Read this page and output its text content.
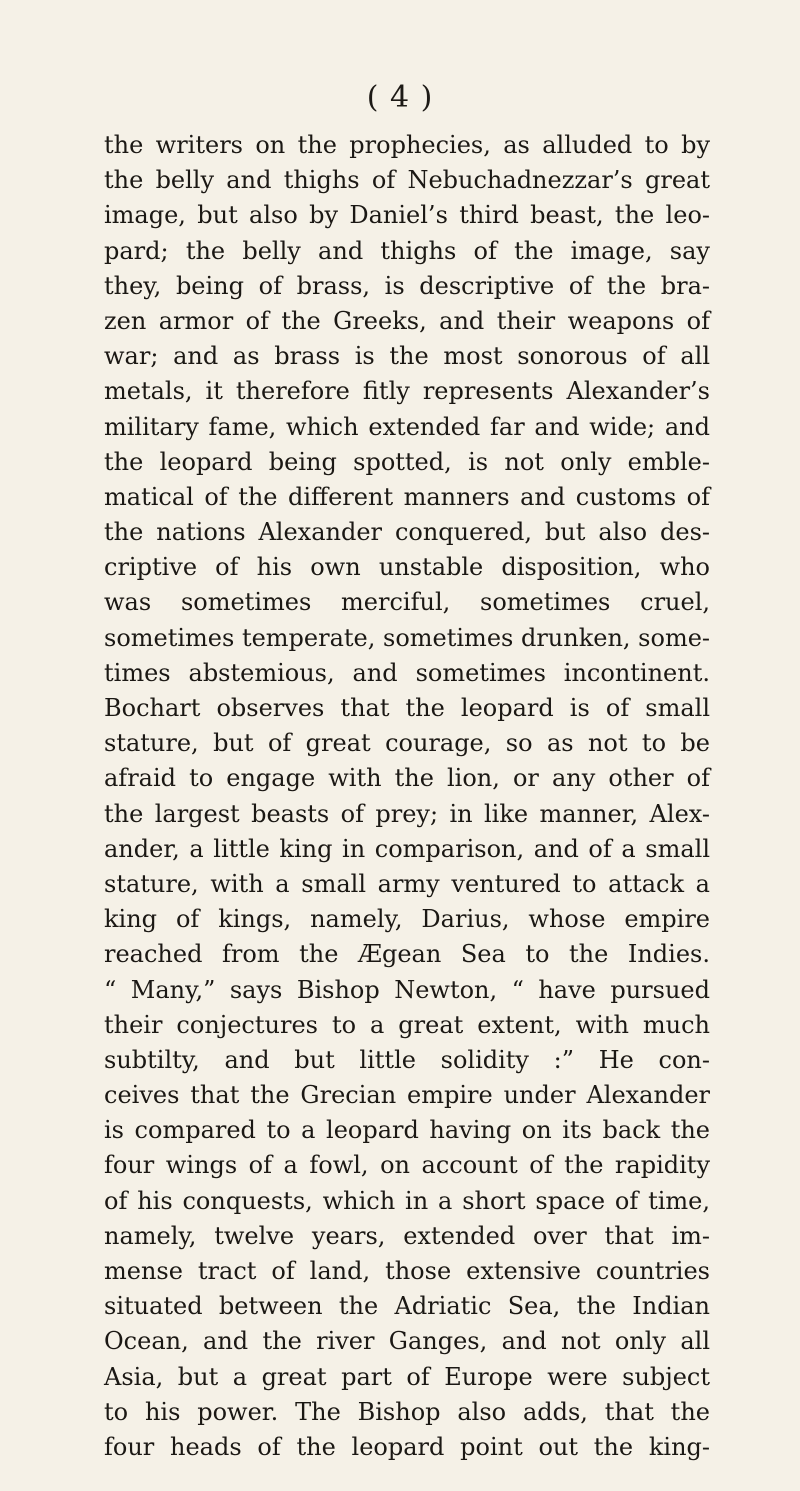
( 4 )
the writers on the prophecies, as alluded to by
the belly and thighs of Nebuchadnezzar’s great
image, but also by Daniel’s third beast, the leo-
pard; the belly and thighs of the image, say
they, being of brass, is descriptive of the bra-
zen armor of the Greeks, and their weapons of
war; and as brass is the most sonorous of all
metals, it therefore fitly represents Alexander’s
military fame, which extended far and wide; and
the leopard being spotted, is not only emble-
matical of the different manners and customs of
the nations Alexander conquered, but also des-
criptive of his own unstable disposition, who
was sometimes merciful, sometimes cruel,
sometimes temperate, sometimes drunken, some-
times abstemious, and sometimes incontinent.
Bochart observes that the leopard is of small
stature, but of great courage, so as not to be
afraid to engage with the lion, or any other of
the largest beasts of prey; in like manner, Alex-
ander, a little king in comparison, and of a small
stature, with a small army ventured to attack a
king of kings, namely, Darius, whose empire
reached from the Ægean Sea to the Indies.
“ Many,” says Bishop Newton, “ have pursued
their conjectures to a great extent, with much
subtilty, and but little solidity :” He con-
ceives that the Grecian empire under Alexander
is compared to a leopard having on its back the
four wings of a fowl, on account of the rapidity
of his conquests, which in a short space of time,
namely, twelve years, extended over that im-
mense tract of land, those extensive countries
situated between the Adriatic Sea, the Indian
Ocean, and the river Ganges, and not only all
Asia, but a great part of Europe were subject
to his power. The Bishop also adds, that the
four heads of the leopard point out the king-
